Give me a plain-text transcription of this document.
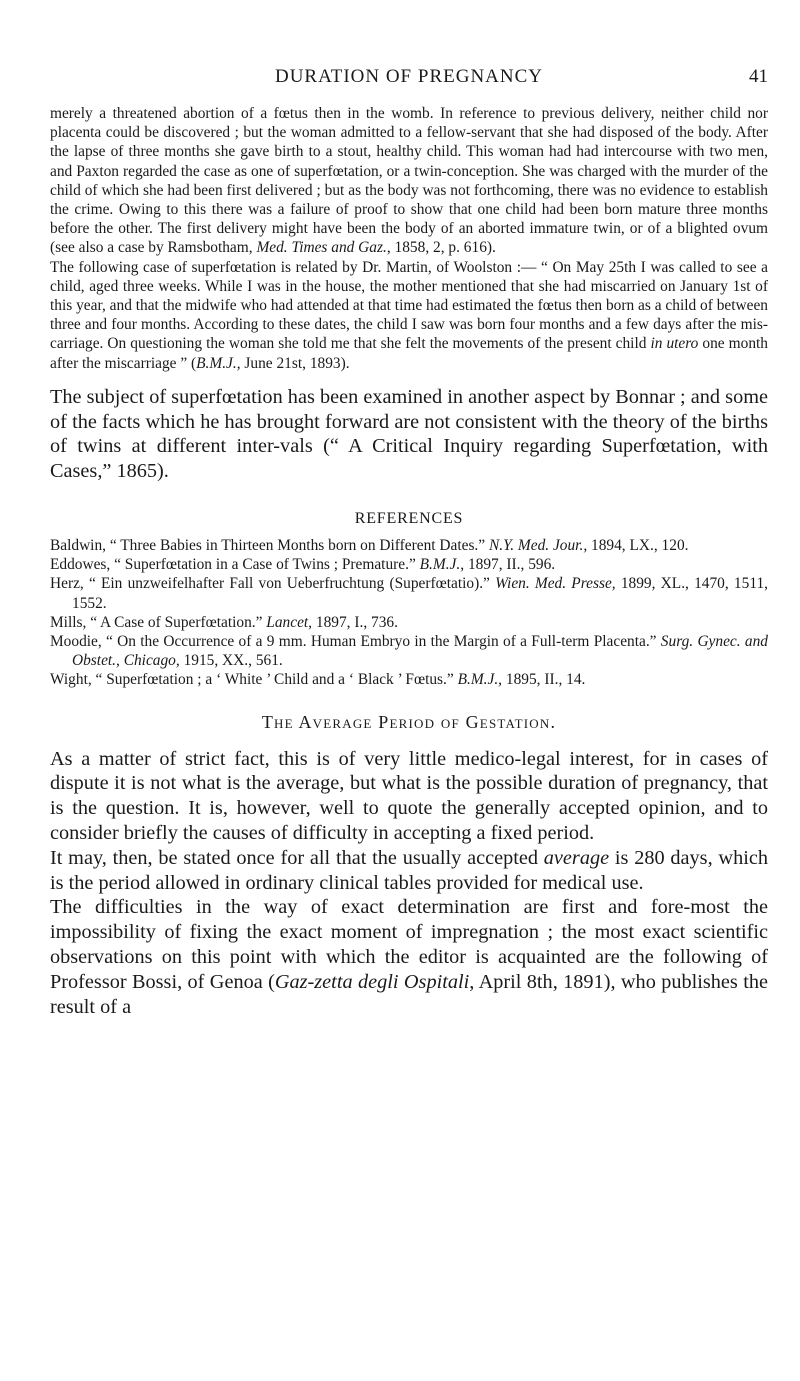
DURATION OF PREGNANCY	41

merely a threatened abortion of a fœtus then in the womb. In reference to previous delivery, neither child nor placenta could be discovered ; but the woman admitted to a fellow-servant that she had disposed of the body. After the lapse of three months she gave birth to a stout, healthy child. This woman had had intercourse with two men, and Paxton regarded the case as one of superfœtation, or a twin-conception. She was charged with the murder of the child of which she had been first delivered ; but as the body was not forthcoming, there was no evidence to establish the crime. Owing to this there was a failure of proof to show that one child had been born mature three months before the other. The first delivery might have been the body of an aborted immature twin, or of a blighted ovum (see also a case by Ramsbotham, Med. Times and Gaz., 1858, 2, p. 616).

The following case of superfœtation is related by Dr. Martin, of Woolston :— “ On May 25th I was called to see a child, aged three weeks. While I was in the house, the mother mentioned that she had miscarried on January 1st of this year, and that the midwife who had attended at that time had estimated the fœtus then born as a child of between three and four months. According to these dates, the child I saw was born four months and a few days after the mis-carriage. On questioning the woman she told me that she felt the movements of the present child in utero one month after the miscarriage ” (B.M.J., June 21st, 1893).

The subject of superfœtation has been examined in another aspect by Bonnar ; and some of the facts which he has brought forward are not consistent with the theory of the births of twins at different inter-vals (“ A Critical Inquiry regarding Superfœtation, with Cases,” 1865).

REFERENCES
Baldwin, “ Three Babies in Thirteen Months born on Different Dates.” N.Y. Med. Jour., 1894, LX., 120.
Eddowes, “ Superfœtation in a Case of Twins ; Premature.” B.M.J., 1897, II., 596.
Herz, “ Ein unzweifelhafter Fall von Ueberfruchtung (Superfœtatio).” Wien. Med. Presse, 1899, XL., 1470, 1511, 1552.
Mills, “ A Case of Superfœtation.” Lancet, 1897, I., 736.
Moodie, “ On the Occurrence of a 9 mm. Human Embryo in the Margin of a Full-term Placenta.” Surg. Gynec. and Obstet., Chicago, 1915, XX., 561.
Wight, “ Superfœtation ; a ‘ White ’ Child and a ‘ Black ’ Fœtus.” B.M.J., 1895, II., 14.
The Average Period of Gestation.

As a matter of strict fact, this is of very little medico-legal interest, for in cases of dispute it is not what is the average, but what is the possible duration of pregnancy, that is the question. It is, however, well to quote the generally accepted opinion, and to consider briefly the causes of difficulty in accepting a fixed period.

It may, then, be stated once for all that the usually accepted average is 280 days, which is the period allowed in ordinary clinical tables provided for medical use.

The difficulties in the way of exact determination are first and fore-most the impossibility of fixing the exact moment of impregnation ; the most exact scientific observations on this point with which the editor is acquainted are the following of Professor Bossi, of Genoa (Gaz-zetta degli Ospitali, April 8th, 1891), who publishes the result of a
